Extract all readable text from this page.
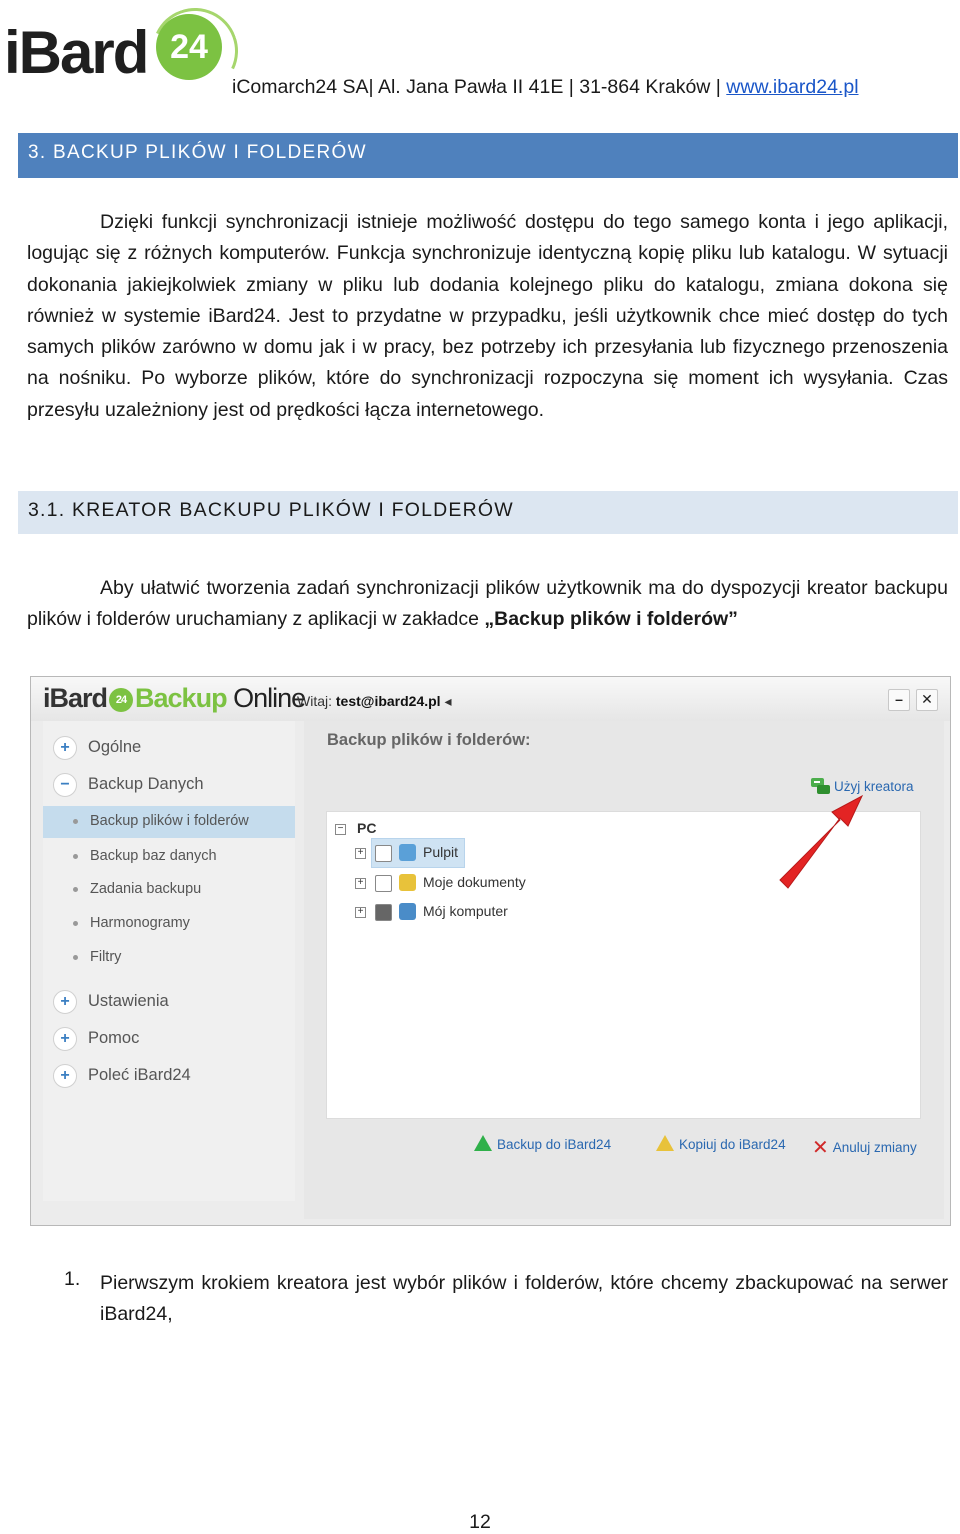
iBard 24
iComarch24 SA| Al. Jana Pawła II 41E | 31-864 Kraków | www.ibard24.pl
3. BACKUP PLIKÓW I FOLDERÓW

Dzięki funkcji synchronizacji istnieje możliwość dostępu do tego samego konta i jego aplikacji, logując się z różnych komputerów. Funkcja synchronizuje identyczną kopię pliku lub katalogu. W sytuacji dokonania jakiejkolwiek zmiany w pliku lub dodania kolejnego pliku do katalogu, zmiana dokona się również w systemie iBard24. Jest to przydatne w przypadku, jeśli użytkownik chce mieć dostęp do tych samych plików zarówno w domu jak i w pracy, bez potrzeby ich przesyłania lub fizycznego przenoszenia na nośniku. Po wyborze plików, które do synchronizacji rozpoczyna się moment ich wysyłania. Czas przesyłu uzależniony jest od prędkości łącza internetowego.

3.1. KREATOR BACKUPU PLIKÓW I FOLDERÓW

Aby ułatwić tworzenia zadań synchronizacji plików użytkownik ma do dyspozycji kreator backupu plików i folderów uruchamiany z aplikacji w zakładce „Backup plików i folderów”

iBard 24 Backup Online
Witaj: test@ibard24.pl ◂	–	✕
+	Ogólne
−	Backup Danych
Backup plików i folderów
Backup baz danych
Zadania backupu
Harmonogramy
Filtry
+	Ustawienia
+	Pomoc
+	Poleć iBard24
Backup plików i folderów:
Użyj kreatora
− PC
+	Pulpit
+	Moje dokumenty
+	Mój komputer
Backup do iBard24	Kopiuj do iBard24 ✕ Anuluj zmiany
1. Pierwszym krokiem kreatora jest wybór plików i folderów, które chcemy zbackupować na serwer iBard24,

12
